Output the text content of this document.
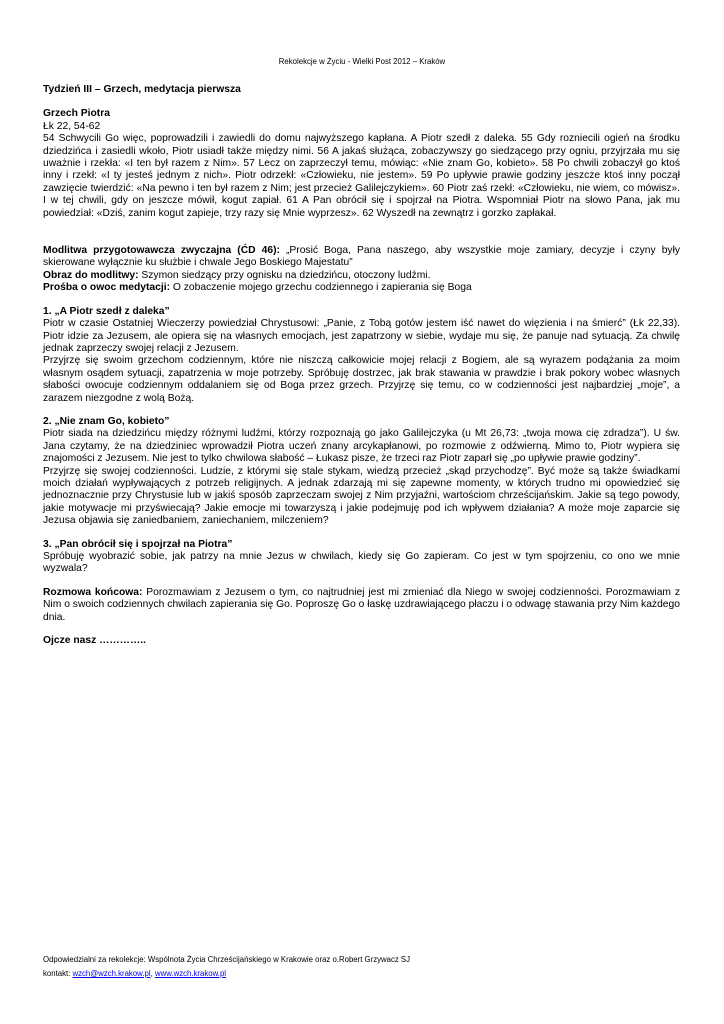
Rekolekcje w Życiu - Wielki Post 2012 – Kraków

Tydzień III – Grzech, medytacja pierwsza

Grzech Piotra

Łk 22, 54-62

54 Schwycili Go więc, poprowadzili i zawiedli do domu najwyższego kapłana. A Piotr szedł z daleka. 55 Gdy rozniecili ogień na środku dziedzińca i zasiedli wkoło, Piotr usiadł także między nimi. 56 A jakaś służąca, zobaczywszy go siedzącego przy ogniu, przyjrzała mu się uważnie i rzekła: «I ten był razem z Nim». 57 Lecz on zaprzeczył temu, mówiąc: «Nie znam Go, kobieto». 58 Po chwili zobaczył go ktoś inny i rzekł: «I ty jesteś jednym z nich». Piotr odrzekł: «Człowieku, nie jestem». 59 Po upływie prawie godziny jeszcze ktoś inny począł zawzięcie twierdzić: «Na pewno i ten był razem z Nim; jest przecież Galilejczykiem». 60 Piotr zaś rzekł: «Człowieku, nie wiem, co mówisz». I w tej chwili, gdy on jeszcze mówił, kogut zapiał. 61 A Pan obrócił się i spojrzał na Piotra. Wspomniał Piotr na słowo Pana, jak mu powiedział: «Dziś, zanim kogut zapieje, trzy razy się Mnie wyprzesz». 62 Wyszedł na zewnątrz i gorzko zapłakał.

Modlitwa przygotowawcza zwyczajna (ĆD 46): „Prosić Boga, Pana naszego, aby wszystkie moje zamiary, decyzje i czyny były skierowane wyłącznie ku służbie i chwale Jego Boskiego Majestatu”

Obraz do modlitwy: Szymon siedzący przy ognisku na dziedzińcu, otoczony ludźmi.

Prośba o owoc medytacji: O zobaczenie mojego grzechu codziennego i zapierania się Boga

1. „A Piotr szedł z daleka”

Piotr w czasie Ostatniej Wieczerzy powiedział Chrystusowi: „Panie, z Tobą gotów jestem iść nawet do więzienia i na śmierć” (Łk 22,33). Piotr idzie za Jezusem, ale opiera się na własnych emocjach, jest zapatrzony w siebie, wydaje mu się, że panuje nad sytuacją. Za chwilę jednak zaprzeczy swojej relacji z Jezusem.

Przyjrzę się swoim grzechom codziennym, które nie niszczą całkowicie mojej relacji z Bogiem, ale są wyrazem podążania za moim własnym osądem sytuacji, zapatrzenia w moje potrzeby. Spróbuję dostrzec, jak brak stawania w prawdzie i brak pokory wobec własnych słabości owocuje codziennym oddalaniem się od Boga przez grzech. Przyjrzę się temu, co w codzienności jest najbardziej „moje”, a zarazem niezgodne z wolą Bożą.

2. „Nie znam Go, kobieto”

Piotr siada na dziedzińcu między różnymi ludźmi, którzy rozpoznają go jako Galilejczyka (u Mt 26,73: „twoja mowa cię zdradza”). U św. Jana czytamy, że na dziedziniec wprowadził Piotra uczeń znany arcykapłanowi, po rozmowie z odźwierną. Mimo to, Piotr wypiera się znajomości z Jezusem. Nie jest to tylko chwilowa słabość – Łukasz pisze, że trzeci raz Piotr zaparł się „po upływie prawie godziny”.

Przyjrzę się swojej codzienności. Ludzie, z którymi się stale stykam, wiedzą przecież „skąd przychodzę”. Być może są także świadkami moich działań wypływających z potrzeb religijnych. A jednak zdarzają mi się zapewne momenty, w których trudno mi opowiedzieć się jednoznacznie przy Chrystusie lub w jakiś sposób zaprzeczam swojej z Nim przyjaźni, wartościom chrześcijańskim. Jakie są tego powody, jakie motywacje mi przyświecają? Jakie emocje mi towarzyszą i jakie podejmuję pod ich wpływem działania? A może moje zaparcie się Jezusa objawia się zaniedbaniem, zaniechaniem, milczeniem?

3. „Pan obrócił się i spojrzał na Piotra”

Spróbuję wyobrazić sobie, jak patrzy na mnie Jezus w chwilach, kiedy się Go zapieram. Co jest w tym spojrzeniu, co ono we mnie wyzwala?

Rozmowa końcowa: Porozmawiam z Jezusem o tym, co najtrudniej jest mi zmieniać dla Niego w swojej codzienności. Porozmawiam z Nim o swoich codziennych chwilach zapierania się Go. Poproszę Go o łaskę uzdrawiającego płaczu i o odwagę stawania przy Nim każdego dnia.

Ojcze nasz …………..

Odpowiedzialni za rekolekcje: Wspólnota Życia Chrześcijańskiego w Krakowie oraz o.Robert Grzywacz SJ
kontakt: wzch@wzch.krakow.pl, www.wzch.krakow.pl
